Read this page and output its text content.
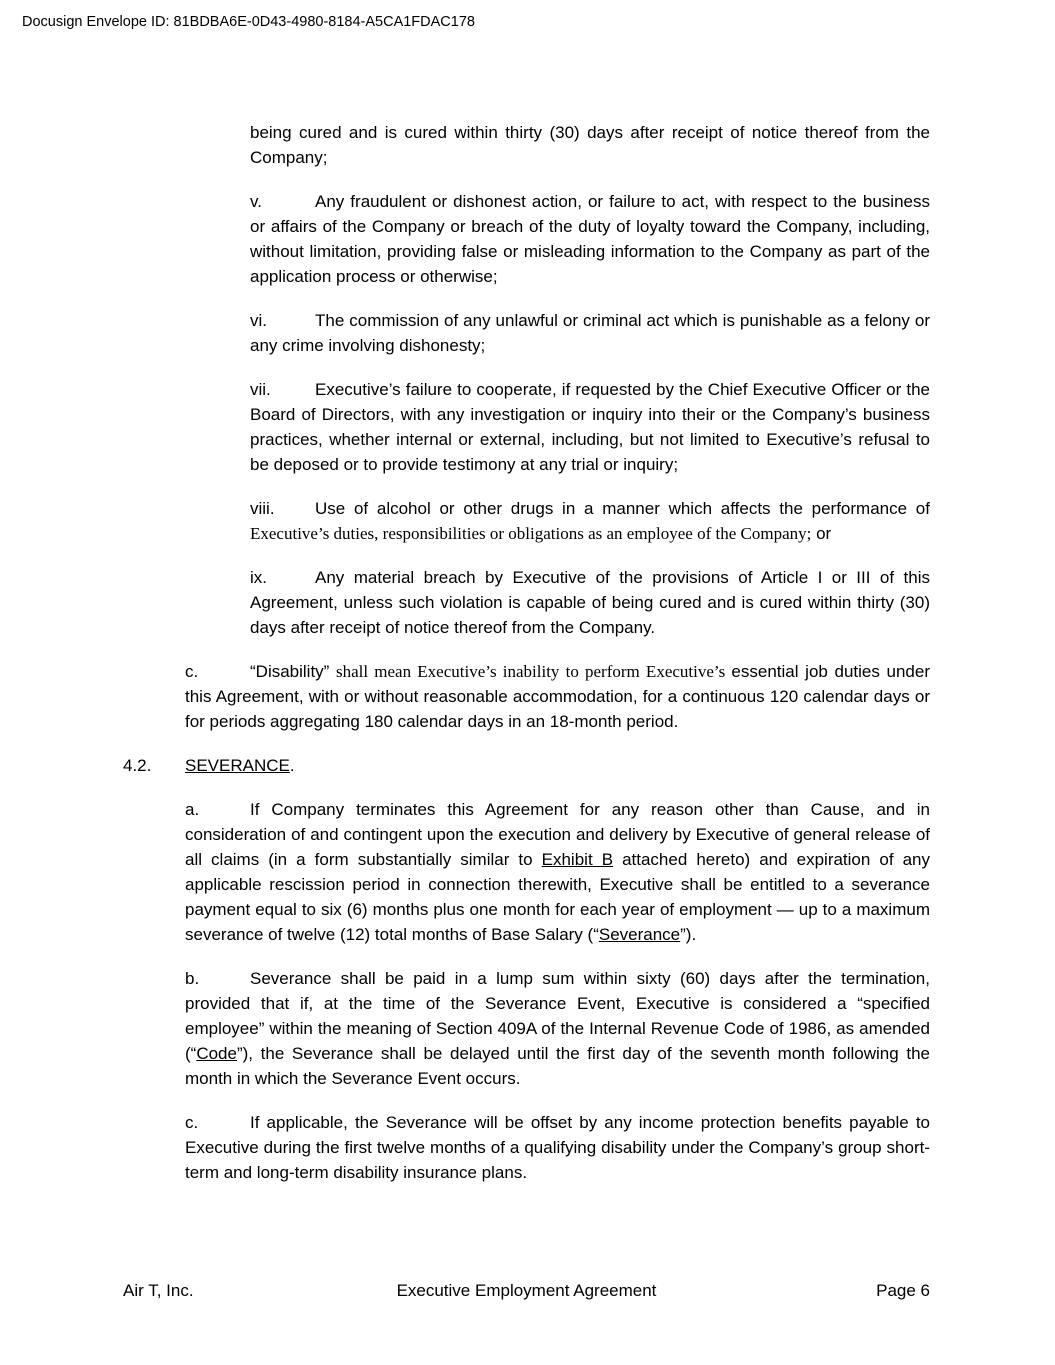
Docusign Envelope ID: 81BDBA6E-0D43-4980-8184-A5CA1FDAC178
being cured and is cured within thirty (30) days after receipt of notice thereof from the Company;
v.	Any fraudulent or dishonest action, or failure to act, with respect to the business or affairs of the Company or breach of the duty of loyalty toward the Company, including, without limitation, providing false or misleading information to the Company as part of the application process or otherwise;
vi.	The commission of any unlawful or criminal act which is punishable as a felony or any crime involving dishonesty;
vii.	Executive’s failure to cooperate, if requested by the Chief Executive Officer or the Board of Directors, with any investigation or inquiry into their or the Company’s business practices, whether internal or external, including, but not limited to Executive’s refusal to be deposed or to provide testimony at any trial or inquiry;
viii. Use of alcohol or other drugs in a manner which affects the performance of Executive’s duties, responsibilities or obligations as an employee of the Company; or
ix.	Any material breach by Executive of the provisions of Article I or III of this Agreement, unless such violation is capable of being cured and is cured within thirty (30) days after receipt of notice thereof from the Company.
c.	“Disability” shall mean Executive’s inability to perform Executive’s essential job duties under this Agreement, with or without reasonable accommodation, for a continuous 120 calendar days or for periods aggregating 180 calendar days in an 18-month period.
4.2. SEVERANCE.
a.	If Company terminates this Agreement for any reason other than Cause, and in consideration of and contingent upon the execution and delivery by Executive of general release of all claims (in a form substantially similar to Exhibit B attached hereto) and expiration of any applicable rescission period in connection therewith, Executive shall be entitled to a severance payment equal to six (6) months plus one month for each year of employment — up to a maximum severance of twelve (12) total months of Base Salary (“Severance”).
b.	Severance shall be paid in a lump sum within sixty (60) days after the termination, provided that if, at the time of the Severance Event, Executive is considered a “specified employee” within the meaning of Section 409A of the Internal Revenue Code of 1986, as amended (“Code”), the Severance shall be delayed until the first day of the seventh month following the month in which the Severance Event occurs.
c.	If applicable, the Severance will be offset by any income protection benefits payable to Executive during the first twelve months of a qualifying disability under the Company’s group short-term and long-term disability insurance plans.
Air T, Inc.	Executive Employment Agreement	Page 6
